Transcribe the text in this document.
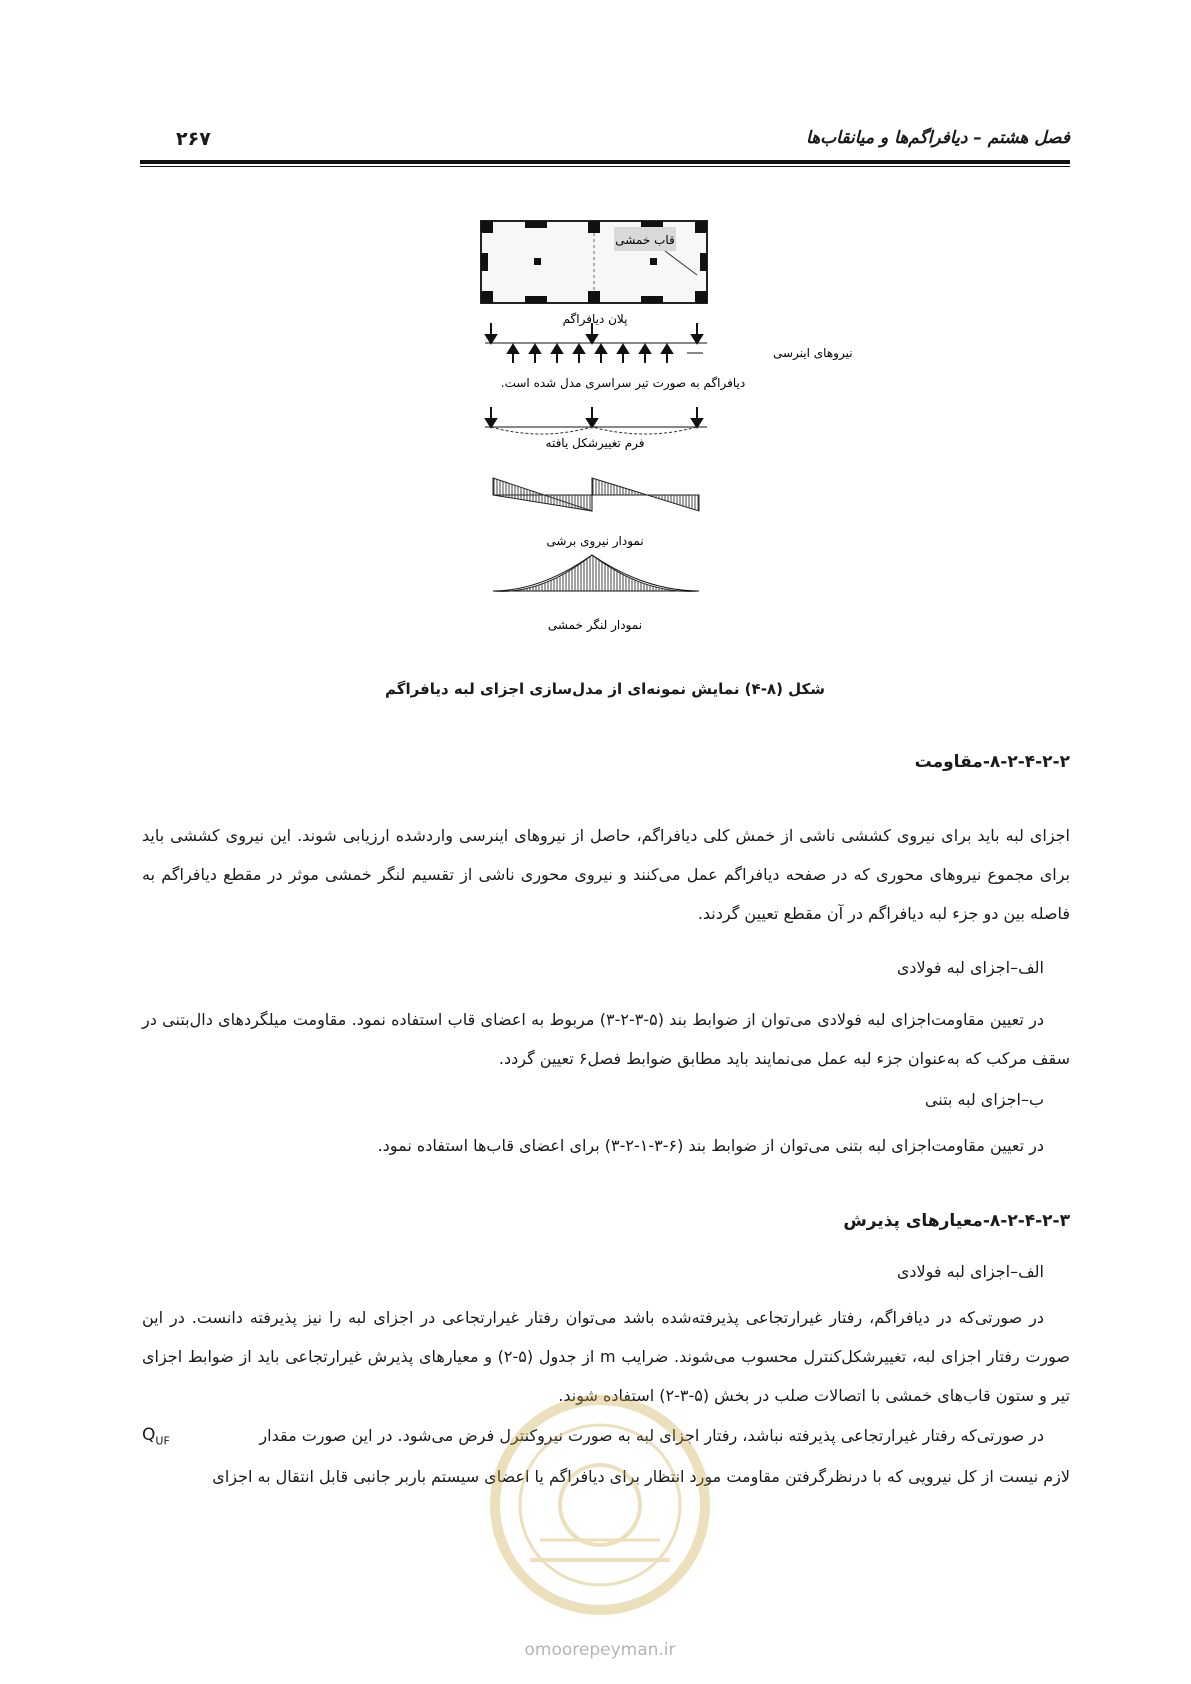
فصل هشتم – دیافراگم‌ها و میانقاب‌ها
۲۶۷
قاب خمشی
پلان دیافراگم
نیروهای اینرسی
دیافراگم به صورت تیر سراسری مدل شده است.
فرم تغییرشکل یافته
نمودار نیروی برشی
نمودار لنگر خمشی
شکل (۸-۴) نمایش نمونه‌ای از مدل‌سازی اجزای لبه دیافراگم
۸-۲-۴-۲-۲-مقاومت
اجزای لبه باید برای نیروی کششی ناشی از خمش کلی دیافراگم، حاصل از نیروهای اینرسی واردشده ارزیابی شوند. این نیروی کششی باید برای مجموع نیروهای محوری که در صفحه دیافراگم عمل می‌کنند و نیروی محوری ناشی از تقسیم لنگر خمشی موثر در مقطع دیافراگم به فاصله بین دو جزء لبه دیافراگم در آن مقطع تعیین گردند.
الف–اجزای لبه فولادی
در تعیین مقاومت‌اجزای لبه فولادی می‌توان از ضوابط بند (۵-۳-۲-۳) مربوط به اعضای قاب استفاده نمود. مقاومت میلگردهای دال‌بتنی در سقف مرکب که به‌عنوان جزء لبه عمل می‌نمایند باید مطابق ضوابط فصل۶ تعیین گردد.
ب–اجزای لبه بتنی
در تعیین مقاومت‌اجزای لبه بتنی می‌توان از ضوابط بند (۶-۳-۱-۲-۳) برای اعضای قاب‌ها استفاده نمود.
۸-۲-۴-۲-۳-معیارهای پذیرش
الف–اجزای لبه فولادی
در صورتی‌که در دیافراگم، رفتار غیرارتجاعی پذیرفته‌شده باشد می‌توان رفتار غیرارتجاعی در اجزای لبه را نیز پذیرفته دانست. در این صورت رفتار اجزای لبه، تغییرشکل‌کنترل محسوب می‌شوند. ضرایب m از جدول (۵-۲) و معیارهای پذیرش غیرارتجاعی باید از ضوابط اجزای تیر و ستون قاب‌های خمشی با اتصالات صلب در بخش (۵-۳-۲) استفاده شوند.
در صورتی‌که رفتار غیرارتجاعی پذیرفته نباشد، رفتار اجزای لبه به صورت نیروکنترل فرض می‌شود. در این صورت مقدار
$Q_{UF}$
لازم نیست از کل نیرویی که با درنظرگرفتن مقاومت مورد انتظار برای دیافراگم یا اعضای سیستم باربر جانبی قابل انتقال به اجزای
omoorepeyman.ir
